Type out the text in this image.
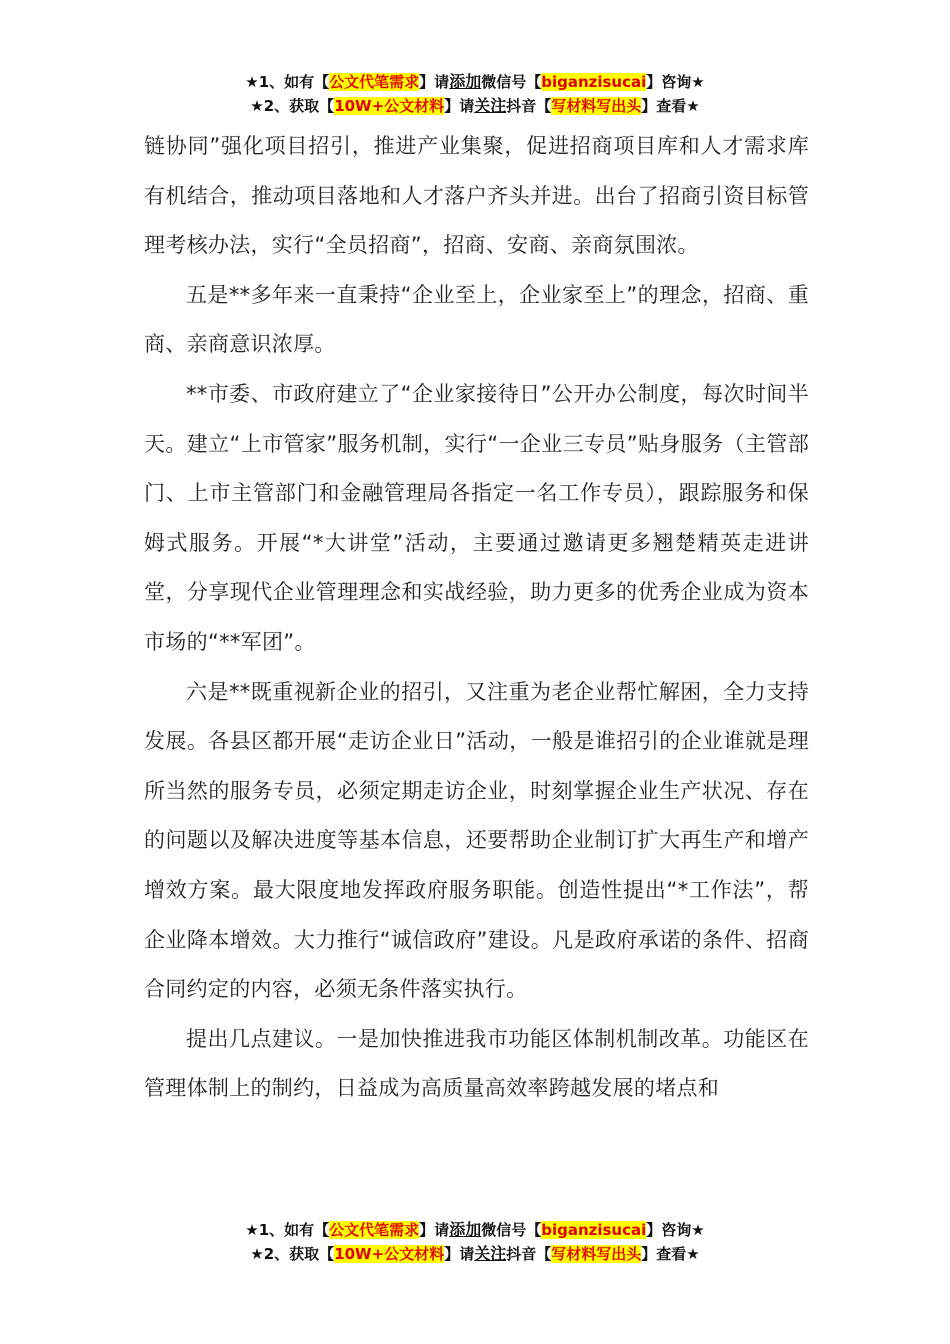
★1、如有【公文代笔需求】请添加微信号【biganzisucai】咨询★
★2、获取【10W+公文材料】请关注抖音【写材料写出头】查看★

链协同”强化项目招引，推进产业集聚，促进招商项目库和人才需求库有机结合，推动项目落地和人才落户齐头并进。出台了招商引资目标管理考核办法，实行“全员招商”，招商、安商、亲商氛围浓。

五是**多年来一直秉持“企业至上，企业家至上”的理念，招商、重商、亲商意识浓厚。

**市委、市政府建立了“企业家接待日”公开办公制度，每次时间半天。建立“上市管家”服务机制，实行“一企业三专员”贴身服务（主管部门、上市主管部门和金融管理局各指定一名工作专员），跟踪服务和保姆式服务。开展“*大讲堂”活动，主要通过邀请更多翘楚精英走进讲堂，分享现代企业管理理念和实战经验，助力更多的优秀企业成为资本市场的“**军团”。

六是**既重视新企业的招引，又注重为老企业帮忙解困，全力支持发展。各县区都开展“走访企业日”活动，一般是谁招引的企业谁就是理所当然的服务专员，必须定期走访企业，时刻掌握企业生产状况、存在的问题以及解决进度等基本信息，还要帮助企业制订扩大再生产和增产增效方案。最大限度地发挥政府服务职能。创造性提出“*工作法”，帮企业降本增效。大力推行“诚信政府”建设。凡是政府承诺的条件、招商合同约定的内容，必须无条件落实执行。

提出几点建议。一是加快推进我市功能区体制机制改革。功能区在管理体制上的制约，日益成为高质量高效率跨越发展的堵点和

★1、如有【公文代笔需求】请添加微信号【biganzisucai】咨询★
★2、获取【10W+公文材料】请关注抖音【写材料写出头】查看★
